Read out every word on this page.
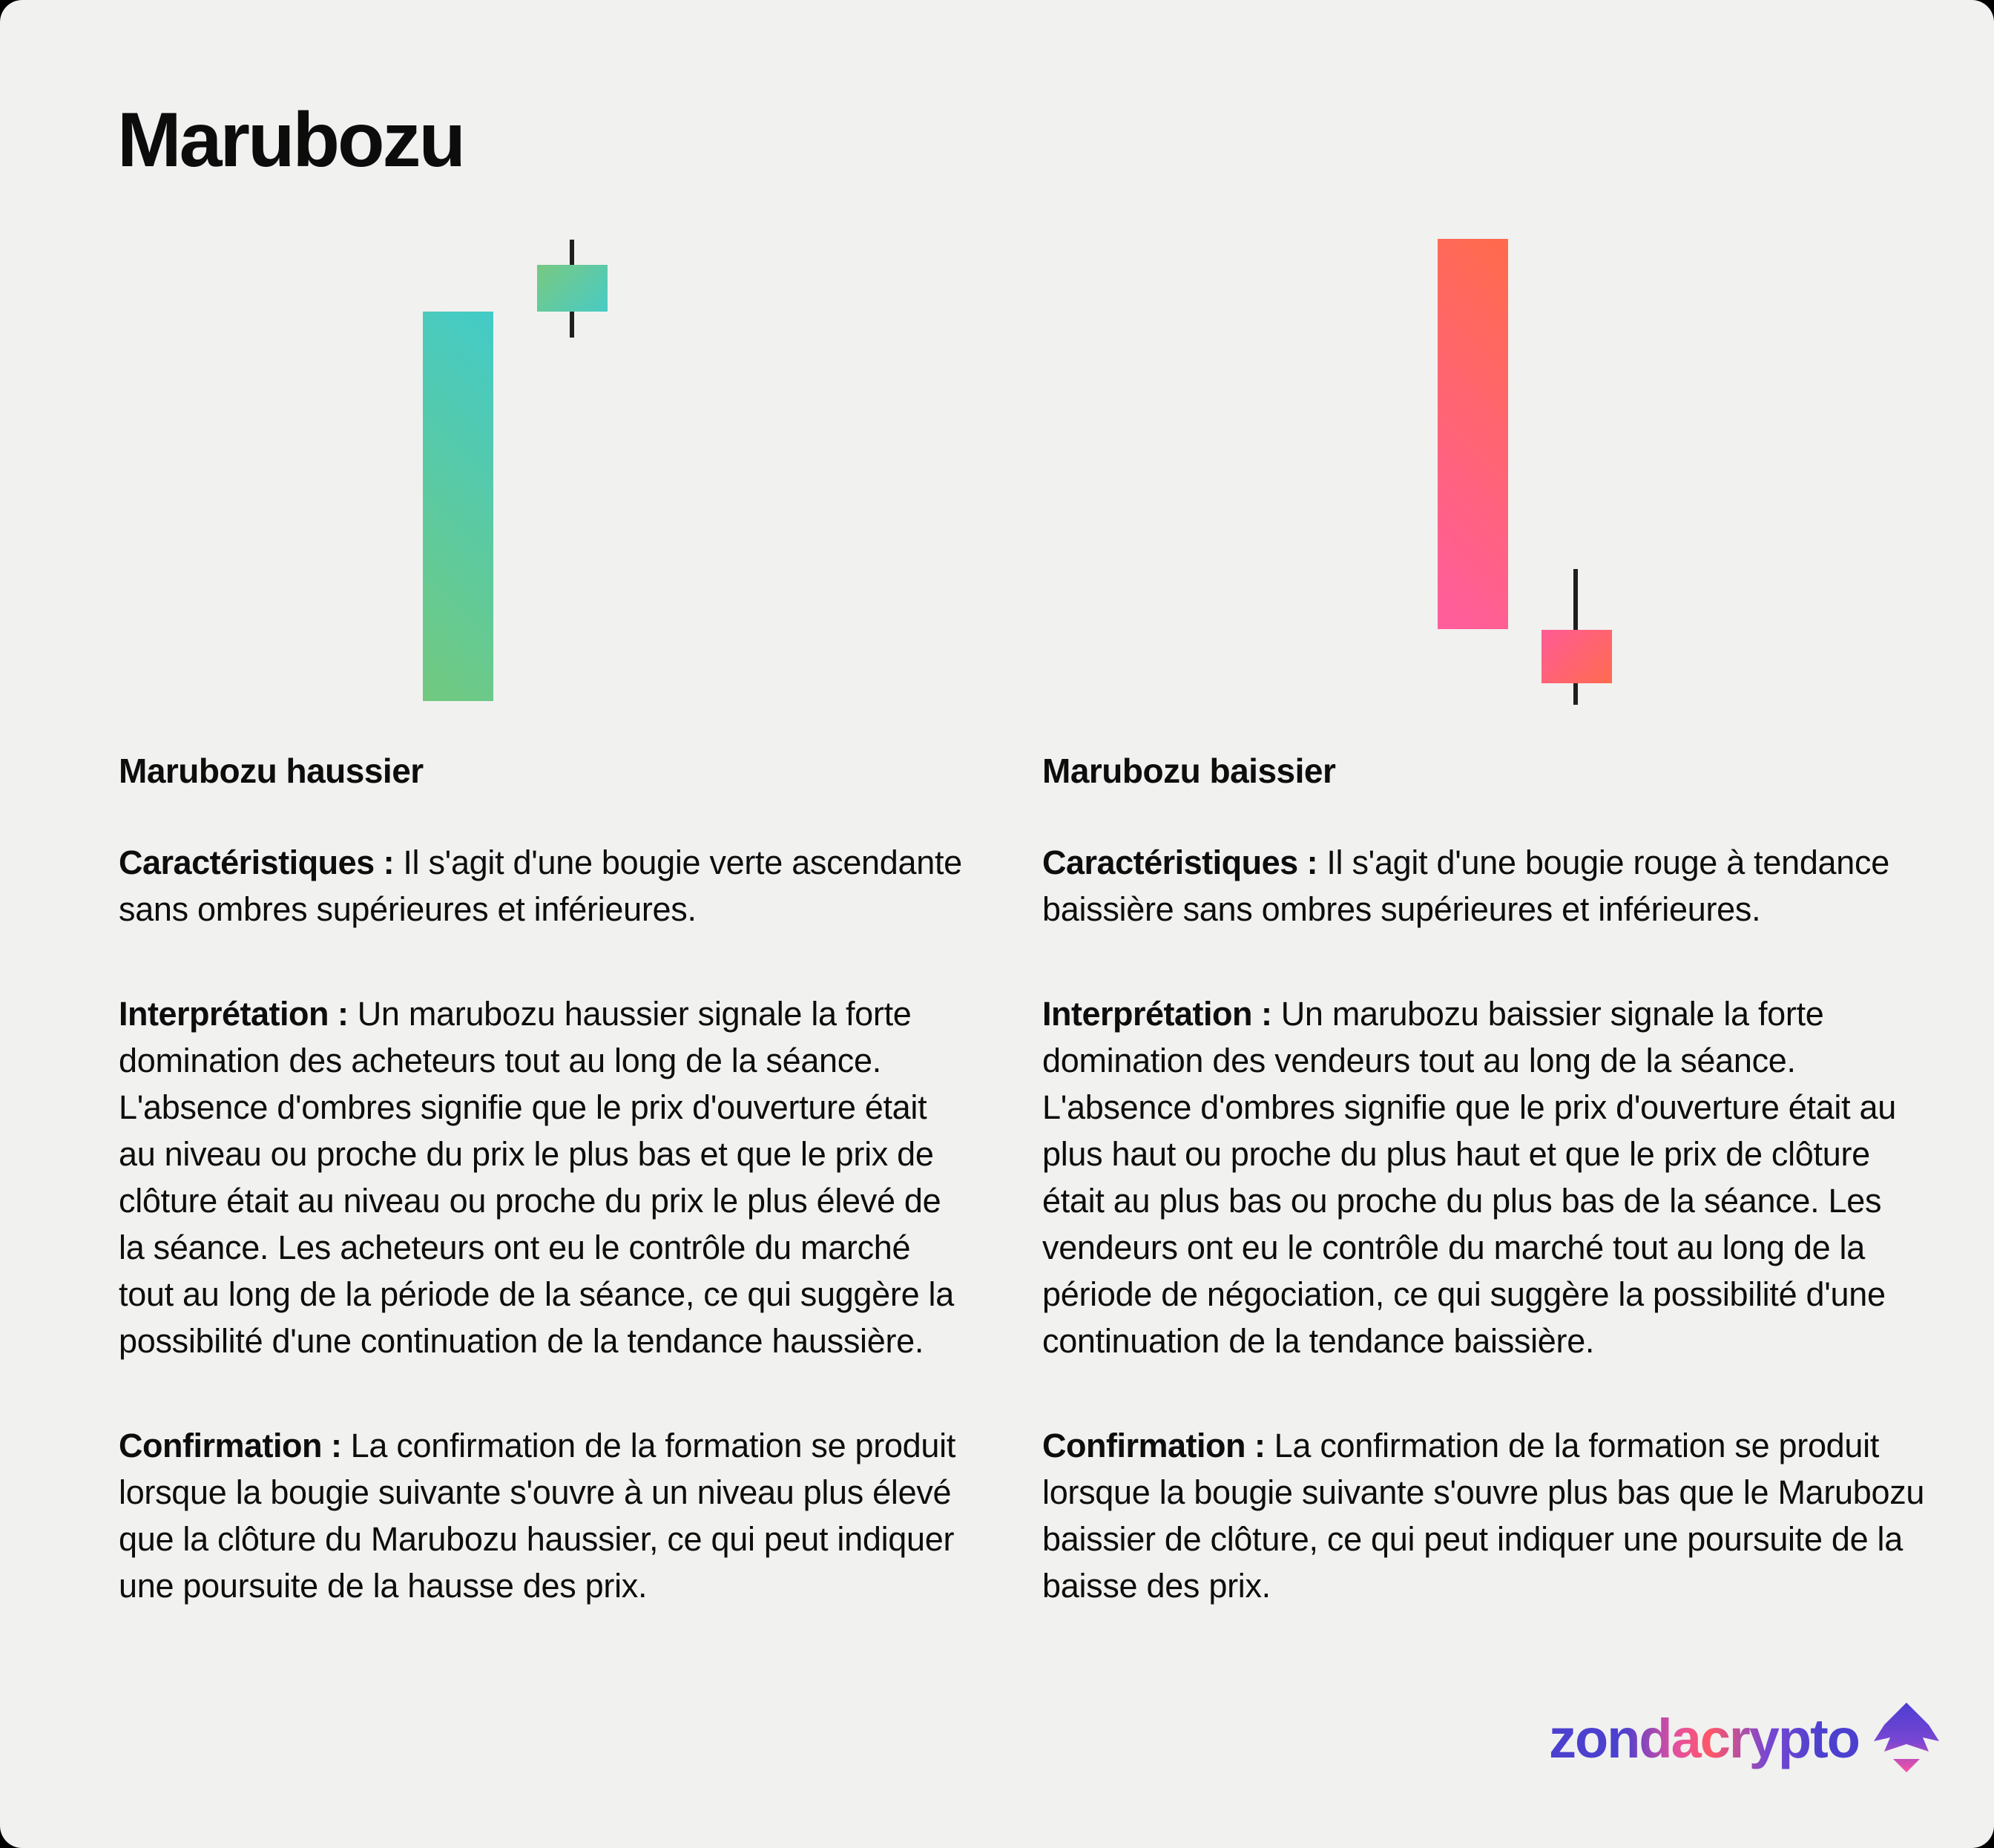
Marubozu
Marubozu haussier

Caractéristiques : Il s'agit d'une bougie verte ascendante sans ombres supérieures et inférieures.

Interprétation : Un marubozu haussier signale la forte domination des acheteurs tout au long de la séance. L'absence d'ombres signifie que le prix d'ouverture était au niveau ou proche du prix le plus bas et que le prix de clôture était au niveau ou proche du prix le plus élevé de la séance. Les acheteurs ont eu le contrôle du marché tout au long de la période de la séance, ce qui suggère la possibilité d'une continuation de la tendance haussière.

Confirmation : La confirmation de la formation se produit lorsque la bougie suivante s'ouvre à un niveau plus élevé que la clôture du Marubozu haussier, ce qui peut indiquer une poursuite de la hausse des prix.

Marubozu baissier

Caractéristiques : Il s'agit d'une bougie rouge à tendance baissière sans ombres supérieures et inférieures.

Interprétation : Un marubozu baissier signale la forte domination des vendeurs tout au long de la séance. L'absence d'ombres signifie que le prix d'ouverture était au plus haut ou proche du plus haut et que le prix de clôture était au plus bas ou proche du plus bas de la séance. Les vendeurs ont eu le contrôle du marché tout au long de la période de négociation, ce qui suggère la possibilité d'une continuation de la tendance baissière.

Confirmation : La confirmation de la formation se produit lorsque la bougie suivante s'ouvre plus bas que le Marubozu baissier de clôture, ce qui peut indiquer une poursuite de la baisse des prix.

zondacrypto
